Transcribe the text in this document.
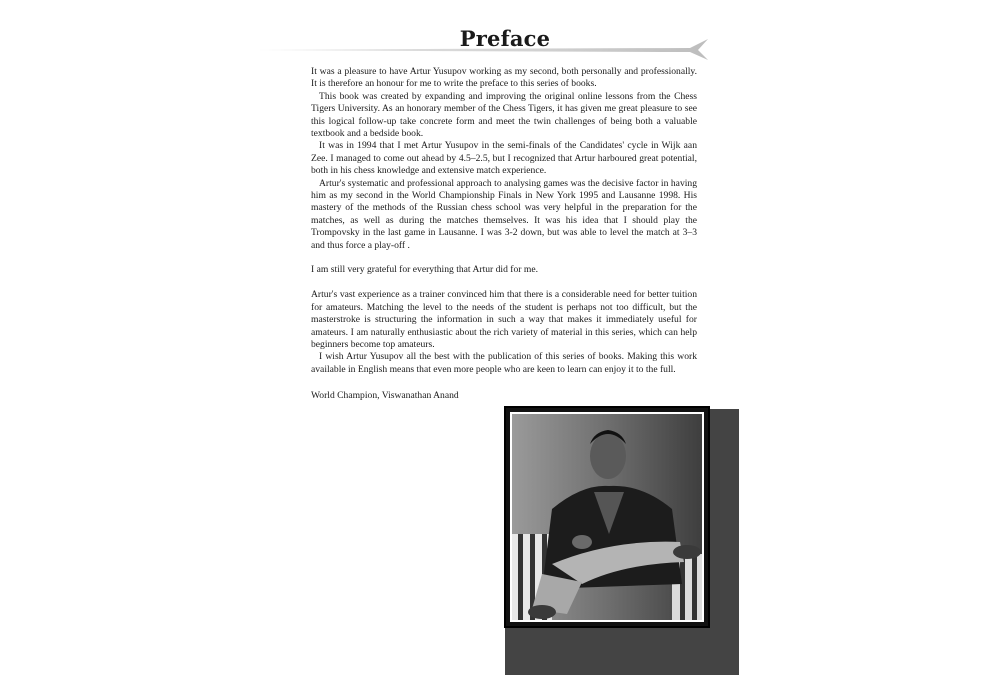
Preface

It was a pleasure to have Artur Yusupov working as my second, both personally and professionally. It is therefore an honour for me to write the preface to this series of books.

This book was created by expanding and improving the original online lessons from the Chess Tigers University. As an honorary member of the Chess Tigers, it has given me great pleasure to see this logical follow-up take concrete form and meet the twin challenges of being both a valuable textbook and a bedside book.

It was in 1994 that I met Artur Yusupov in the semi-finals of the Candidates' cycle in Wijk aan Zee. I managed to come out ahead by 4.5–2.5, but I recognized that Artur harboured great potential, both in his chess knowledge and extensive match experience.

Artur's systematic and professional approach to analysing games was the decisive factor in having him as my second in the World Championship Finals in New York 1995 and Lausanne 1998. His mastery of the methods of the Russian chess school was very helpful in the preparation for the matches, as well as during the matches themselves. It was his idea that I should play the Trompovsky in the last game in Lausanne. I was 3-2 down, but was able to level the match at 3–3 and thus force a play-off .

I am still very grateful for everything that Artur did for me.

Artur's vast experience as a trainer convinced him that there is a considerable need for better tuition for amateurs. Matching the level to the needs of the student is perhaps not too difficult, but the masterstroke is structuring the information in such a way that makes it immediately useful for amateurs. I am naturally enthusiastic about the rich variety of material in this series, which can help beginners become top amateurs.

I wish Artur Yusupov all the best with the publication of this series of books. Making this work available in English means that even more people who are keen to learn can enjoy it to the full.

World Champion, Viswanathan Anand
